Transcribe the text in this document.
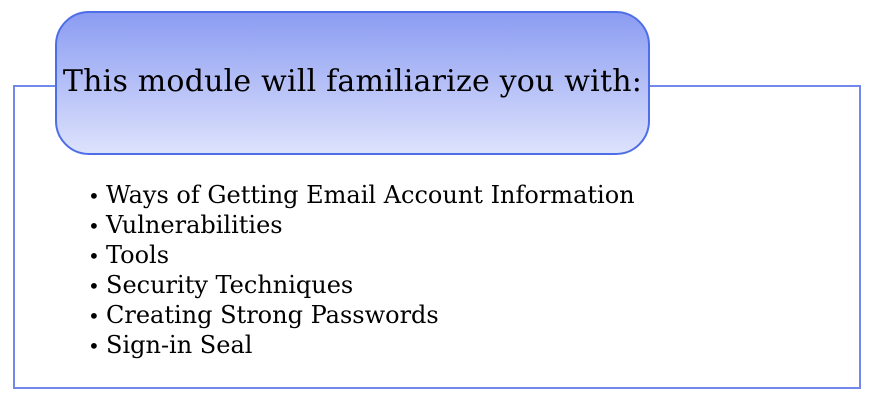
This module will familiarize you with:
• Ways of Getting Email Account Information
• Vulnerabilities
• Tools
• Security Techniques
• Creating Strong Passwords
• Sign-in Seal
